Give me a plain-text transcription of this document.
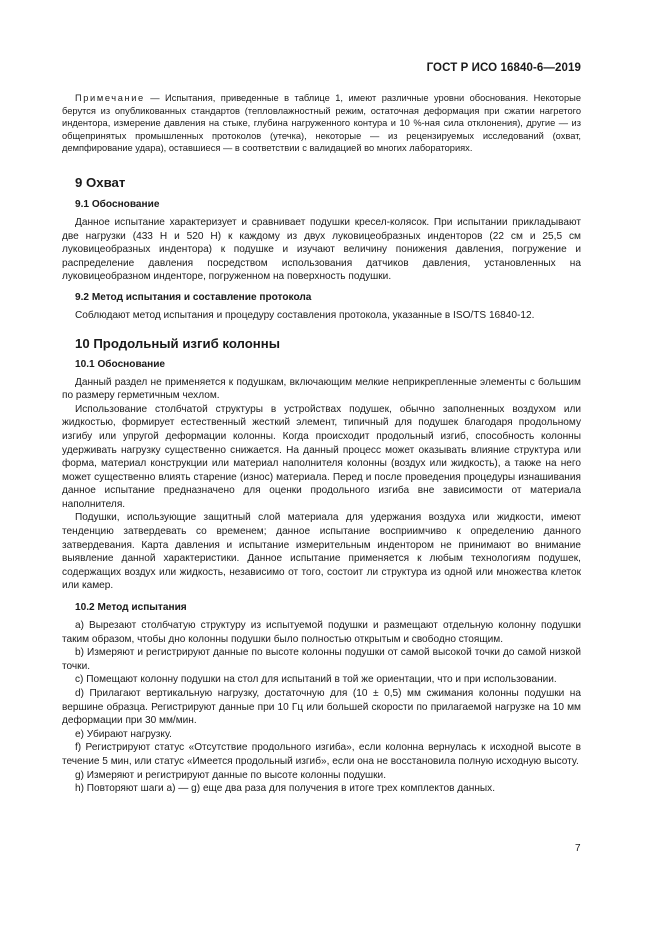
ГОСТ Р ИСО 16840-6—2019

Примечание — Испытания, приведенные в таблице 1, имеют различные уровни обоснования. Некоторые берутся из опубликованных стандартов (тепловлажностный режим, остаточная деформация при сжатии нагретого индентора, измерение давления на стыке, глубина нагруженного контура и 10 %-ная сила отклонения), другие — из общепринятых промышленных протоколов (утечка), некоторые — из рецензируемых исследований (охват, демпфирование удара), оставшиеся — в соответствии с валидацией во многих лабораториях.

9 Охват
9.1 Обоснование

Данное испытание характеризует и сравнивает подушки кресел-колясок. При испытании прикладывают две нагрузки (433 Н и 520 Н) к каждому из двух луковицеобразных инденторов (22 см и 25,5 см луковицеобразных индентора) к подушке и изучают величину понижения давления, погружение и распределение давления посредством использования датчиков давления, установленных на луковицеобразном инденторе, погруженном на поверхность подушки.

9.2 Метод испытания и составление протокола

Соблюдают метод испытания и процедуру составления протокола, указанные в ISO/TS 16840-12.

10 Продольный изгиб колонны
10.1 Обоснование

Данный раздел не применяется к подушкам, включающим мелкие неприкрепленные элементы с большим по размеру герметичным чехлом.

Использование столбчатой структуры в устройствах подушек, обычно заполненных воздухом или жидкостью, формирует естественный жесткий элемент, типичный для подушек благодаря продольному изгибу или упругой деформации колонны. Когда происходит продольный изгиб, способность колонны удерживать нагрузку существенно снижается. На данный процесс может оказывать влияние структура или форма, материал конструкции или материал наполнителя колонны (воздух или жидкость), а также на него может существенно влиять старение (износ) материала. Перед и после проведения процедуры изнашивания данное испытание предназначено для оценки продольного изгиба вне зависимости от материала наполнителя.

Подушки, использующие защитный слой материала для удержания воздуха или жидкости, имеют тенденцию затвердевать со временем; данное испытание восприимчиво к определению данного затвердевания. Карта давления и испытание измерительным индентором не принимают во внимание выявление данной характеристики. Данное испытание применяется к любым технологиям подушек, содержащих воздух или жидкость, независимо от того, состоит ли структура из одной или множества клеток или камер.

10.2 Метод испытания

a) Вырезают столбчатую структуру из испытуемой подушки и размещают отдельную колонну подушки таким образом, чтобы дно колонны подушки было полностью открытым и свободно стоящим.

b) Измеряют и регистрируют данные по высоте колонны подушки от самой высокой точки до самой низкой точки.

c) Помещают колонну подушки на стол для испытаний в той же ориентации, что и при использовании.

d) Прилагают вертикальную нагрузку, достаточную для (10 ± 0,5) мм сжимания колонны подушки на вершине образца. Регистрируют данные при 10 Гц или большей скорости по прилагаемой нагрузке на 10 мм деформации при 30 мм/мин.

e) Убирают нагрузку.

f) Регистрируют статус «Отсутствие продольного изгиба», если колонна вернулась к исходной высоте в течение 5 мин, или статус «Имеется продольный изгиб», если она не восстановила полную исходную высоту.

g) Измеряют и регистрируют данные по высоте колонны подушки.

h) Повторяют шаги а) — g) еще два раза для получения в итоге трех комплектов данных.

7
